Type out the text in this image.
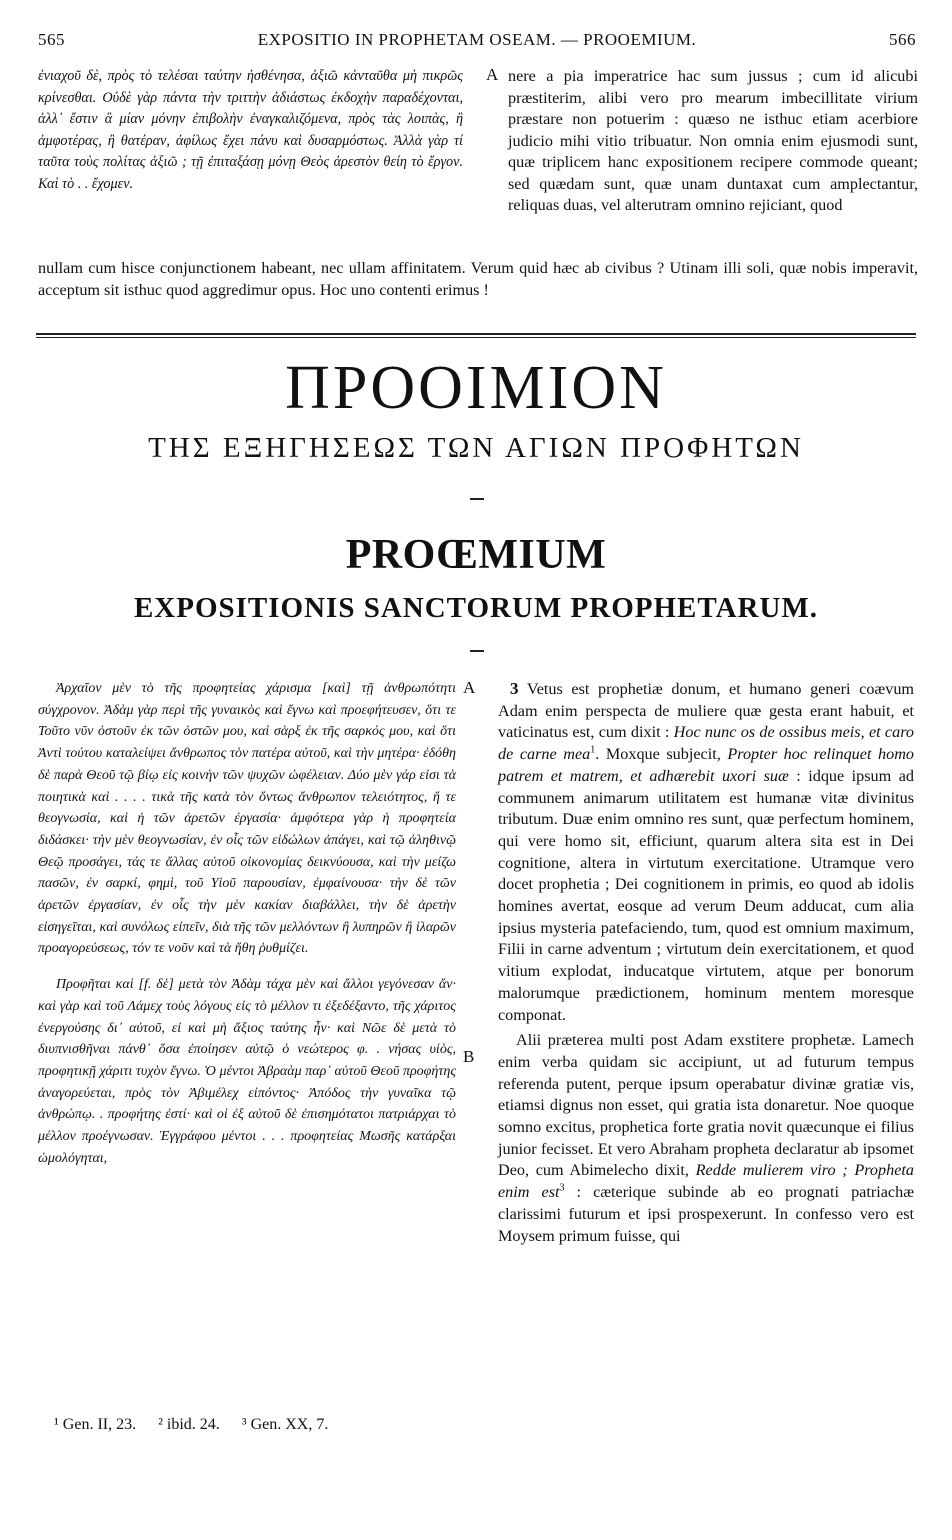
565	EXPOSITIO IN PROPHETAM OSEAM. — PROOEMIUM.	566
ἐνιαχοῦ δὲ, πρὸς τὸ τελέσαι ταύτην ἠσθένησα, ἀξιῶ κἀνταῦθα μὴ πικρῶς κρίνεσθαι. Οὐδὲ γὰρ πάντα τὴν τριττὴν ἀδιάστως ἐκδοχὴν παραδέχονται, ἀλλ᾽ ἔστιν ἃ μίαν μόνην ἐπιβολὴν ἐναγκαλιζόμενα, πρὸς τὰς λοιπὰς, ἢ ἀμφοτέρας, ἢ θατέραν, ἀφίλως ἔχει πάνυ καὶ δυσαρμόστως. Ἀλλὰ γὰρ τί ταῦτα τοὺς πολίτας ἀξιῶ ; τῇ ἐπιταξάσῃ μόνῃ Θεὸς ἀρεστὸν θείη τὸ ἔργον. Καὶ τὸ . . ἔχομεν.
A nere a pia imperatrice hac sum jussus ; cum id alicubi præstiterim, alibi vero pro mearum imbecillitate virium præstare non potuerim : quæso ne isthuc etiam acerbiore judicio mihi vitio tribuatur. Non omnia enim ejusmodi sunt, quæ triplicem hanc expositionem recipere commode queant; sed quædam sunt, quæ unam duntaxat cum amplectantur, reliquas duas, vel alterutram omnino rejiciant, quod

nullam cum hisce conjunctionem habeant, nec ullam affinitatem. Verum quid hæc ab civibus ? Utinam illi soli, quæ nobis imperavit, acceptum sit isthuc quod aggredimur opus. Hoc uno contenti erimus !

ΠΡΟΟΙΜΙΟΝ
ΤΗΣ ΕΞΗΓΗΣΕΩΣ ΤΩΝ ΑΓΙΩΝ ΠΡΟΦΗΤΩΝ
PROŒMIUM
EXPOSITIONIS SANCTORUM PROPHETARUM.

Ἀρχαῖον μὲν τὸ τῆς προφητείας χάρισμα [καὶ] τῇ ἀνθρωπότητι σύγχρονον. Ἀδὰμ γὰρ περὶ τῆς γυναικὸς καὶ ἔγνω καὶ προεφήτευσεν, ὅτι τε Τοῦτο νῦν ὀστοῦν ἐκ τῶν ὀστῶν μου, καὶ σὰρξ ἐκ τῆς σαρκός μου, καὶ ὅτι Ἀντὶ τούτου καταλείψει ἄνθρωπος τὸν πατέρα αὐτοῦ, καὶ τὴν μητέρα· ἐδόθη δὲ παρὰ Θεοῦ τῷ βίῳ εἰς κοινὴν τῶν ψυχῶν ὠφέλειαν. Δύο μὲν γάρ εἰσι τὰ ποιητικὰ καὶ . . . . τικὰ τῆς κατὰ τὸν ὄντως ἄνθρωπον τελειότητος, ἥ τε θεογνωσία, καὶ ἡ τῶν ἀρετῶν ἐργασία· ἀμφότερα γὰρ ἡ προφητεία διδάσκει· τὴν μὲν θεογνωσίαν, ἐν οἷς τῶν εἰδώλων ἀπάγει, καὶ τῷ ἀληθινῷ Θεῷ προσάγει, τάς τε ἄλλας αὐτοῦ οἰκονομίας δεικνύουσα, καὶ τὴν μείζω πασῶν, ἐν σαρκί, φημὶ, τοῦ Υἱοῦ παρουσίαν, ἐμφαίνουσα· τὴν δὲ τῶν ἀρετῶν ἐργασίαν, ἐν οἷς τὴν μὲν κακίαν διαβάλλει, τὴν δὲ ἀρετὴν εἰσηγεῖται, καὶ συνόλως εἰπεῖν, διὰ τῆς τῶν μελλόντων ἢ λυπηρῶν ἢ ἱλαρῶν προαγορεύσεως, τόν τε νοῦν καὶ τὰ ἤθη ῥυθμίζει.

Προφῆται καὶ [f. δὲ] μετὰ τὸν Ἀδὰμ τάχα μὲν καὶ ἄλλοι γεγόνεσαν ἄν· καὶ γὰρ καὶ τοῦ Λάμεχ τοὺς λόγους εἰς τὸ μέλλον τι ἐξεδέξαντο, τῆς χάριτος ἐνεργούσης δι᾽ αὐτοῦ, εἰ καὶ μὴ ἄξιος ταύτης ἦν· καὶ Νῶε δὲ μετὰ τὸ διυπνισθῆναι πάνθ᾽ ὅσα ἐποίησεν αὐτῷ ὁ νεώτερος φ. . νήσας υἱὸς, προφητικῇ χάριτι τυχὸν ἔγνω. Ὁ μέντοι Ἀβραὰμ παρ᾽ αὐτοῦ Θεοῦ προφήτης ἀναγορεύεται, πρὸς τὸν Ἀβιμέλεχ εἰπόντος· Ἀπόδος τὴν γυναῖκα τῷ ἀνθρώπῳ. . προφήτης ἐστί· καὶ οἱ ἐξ αὐτοῦ δὲ ἐπισημότατοι πατριάρχαι τὸ μέλλον προέγνωσαν. Ἐγγράφου μέντοι . . . προφητείας Μωσῆς κατάρξαι ὡμολόγηται,

A
B

3 Vetus est prophetiæ donum, et humano generi coævum Adam enim perspecta de muliere quæ gesta erant habuit, et vaticinatus est, cum dixit : Hoc nunc os de ossibus meis, et caro de carne mea$^1$. Moxque subjecit, Propter hoc relinquet homo patrem et matrem, et adhærebit uxori suæ : idque ipsum ad communem animarum utilitatem est humanæ vitæ divinitus tributum. Duæ enim omnino res sunt, quæ perfectum hominem, qui vere homo sit, efficiunt, quarum altera sita est in Dei cognitione, altera in virtutum exercitatione. Utramque vero docet prophetia ; Dei cognitionem in primis, eo quod ab idolis homines avertat, eosque ad verum Deum adducat, cum alia ipsius mysteria patefaciendo, tum, quod est omnium maximum, Filii in carne adventum ; virtutum dein exercitationem, et quod vitium explodat, inducatque virtutem, atque per bonorum malorumque prædictionem, hominum mentem moresque componat.

Alii præterea multi post Adam exstitere prophetæ. Lamech enim verba quidam sic accipiunt, ut ad futurum tempus referenda putent, perque ipsum operabatur divinæ gratiæ vis, etiamsi dignus non esset, qui gratia ista donaretur. Noe quoque somno excitus, prophetica forte gratia novit quæcunque ei filius junior fecisset. Et vero Abraham propheta declaratur ab ipsomet Deo, cum Abimelecho dixit, Redde mulierem viro ; Propheta enim est$^3$ : cæterique subinde ab eo prognati patriachæ clarissimi futurum et ipsi prospexerunt. In confesso vero est Moysem primum fuisse, qui

¹ Gen. II, 23. ² ibid. 24. ³ Gen. XX, 7.
